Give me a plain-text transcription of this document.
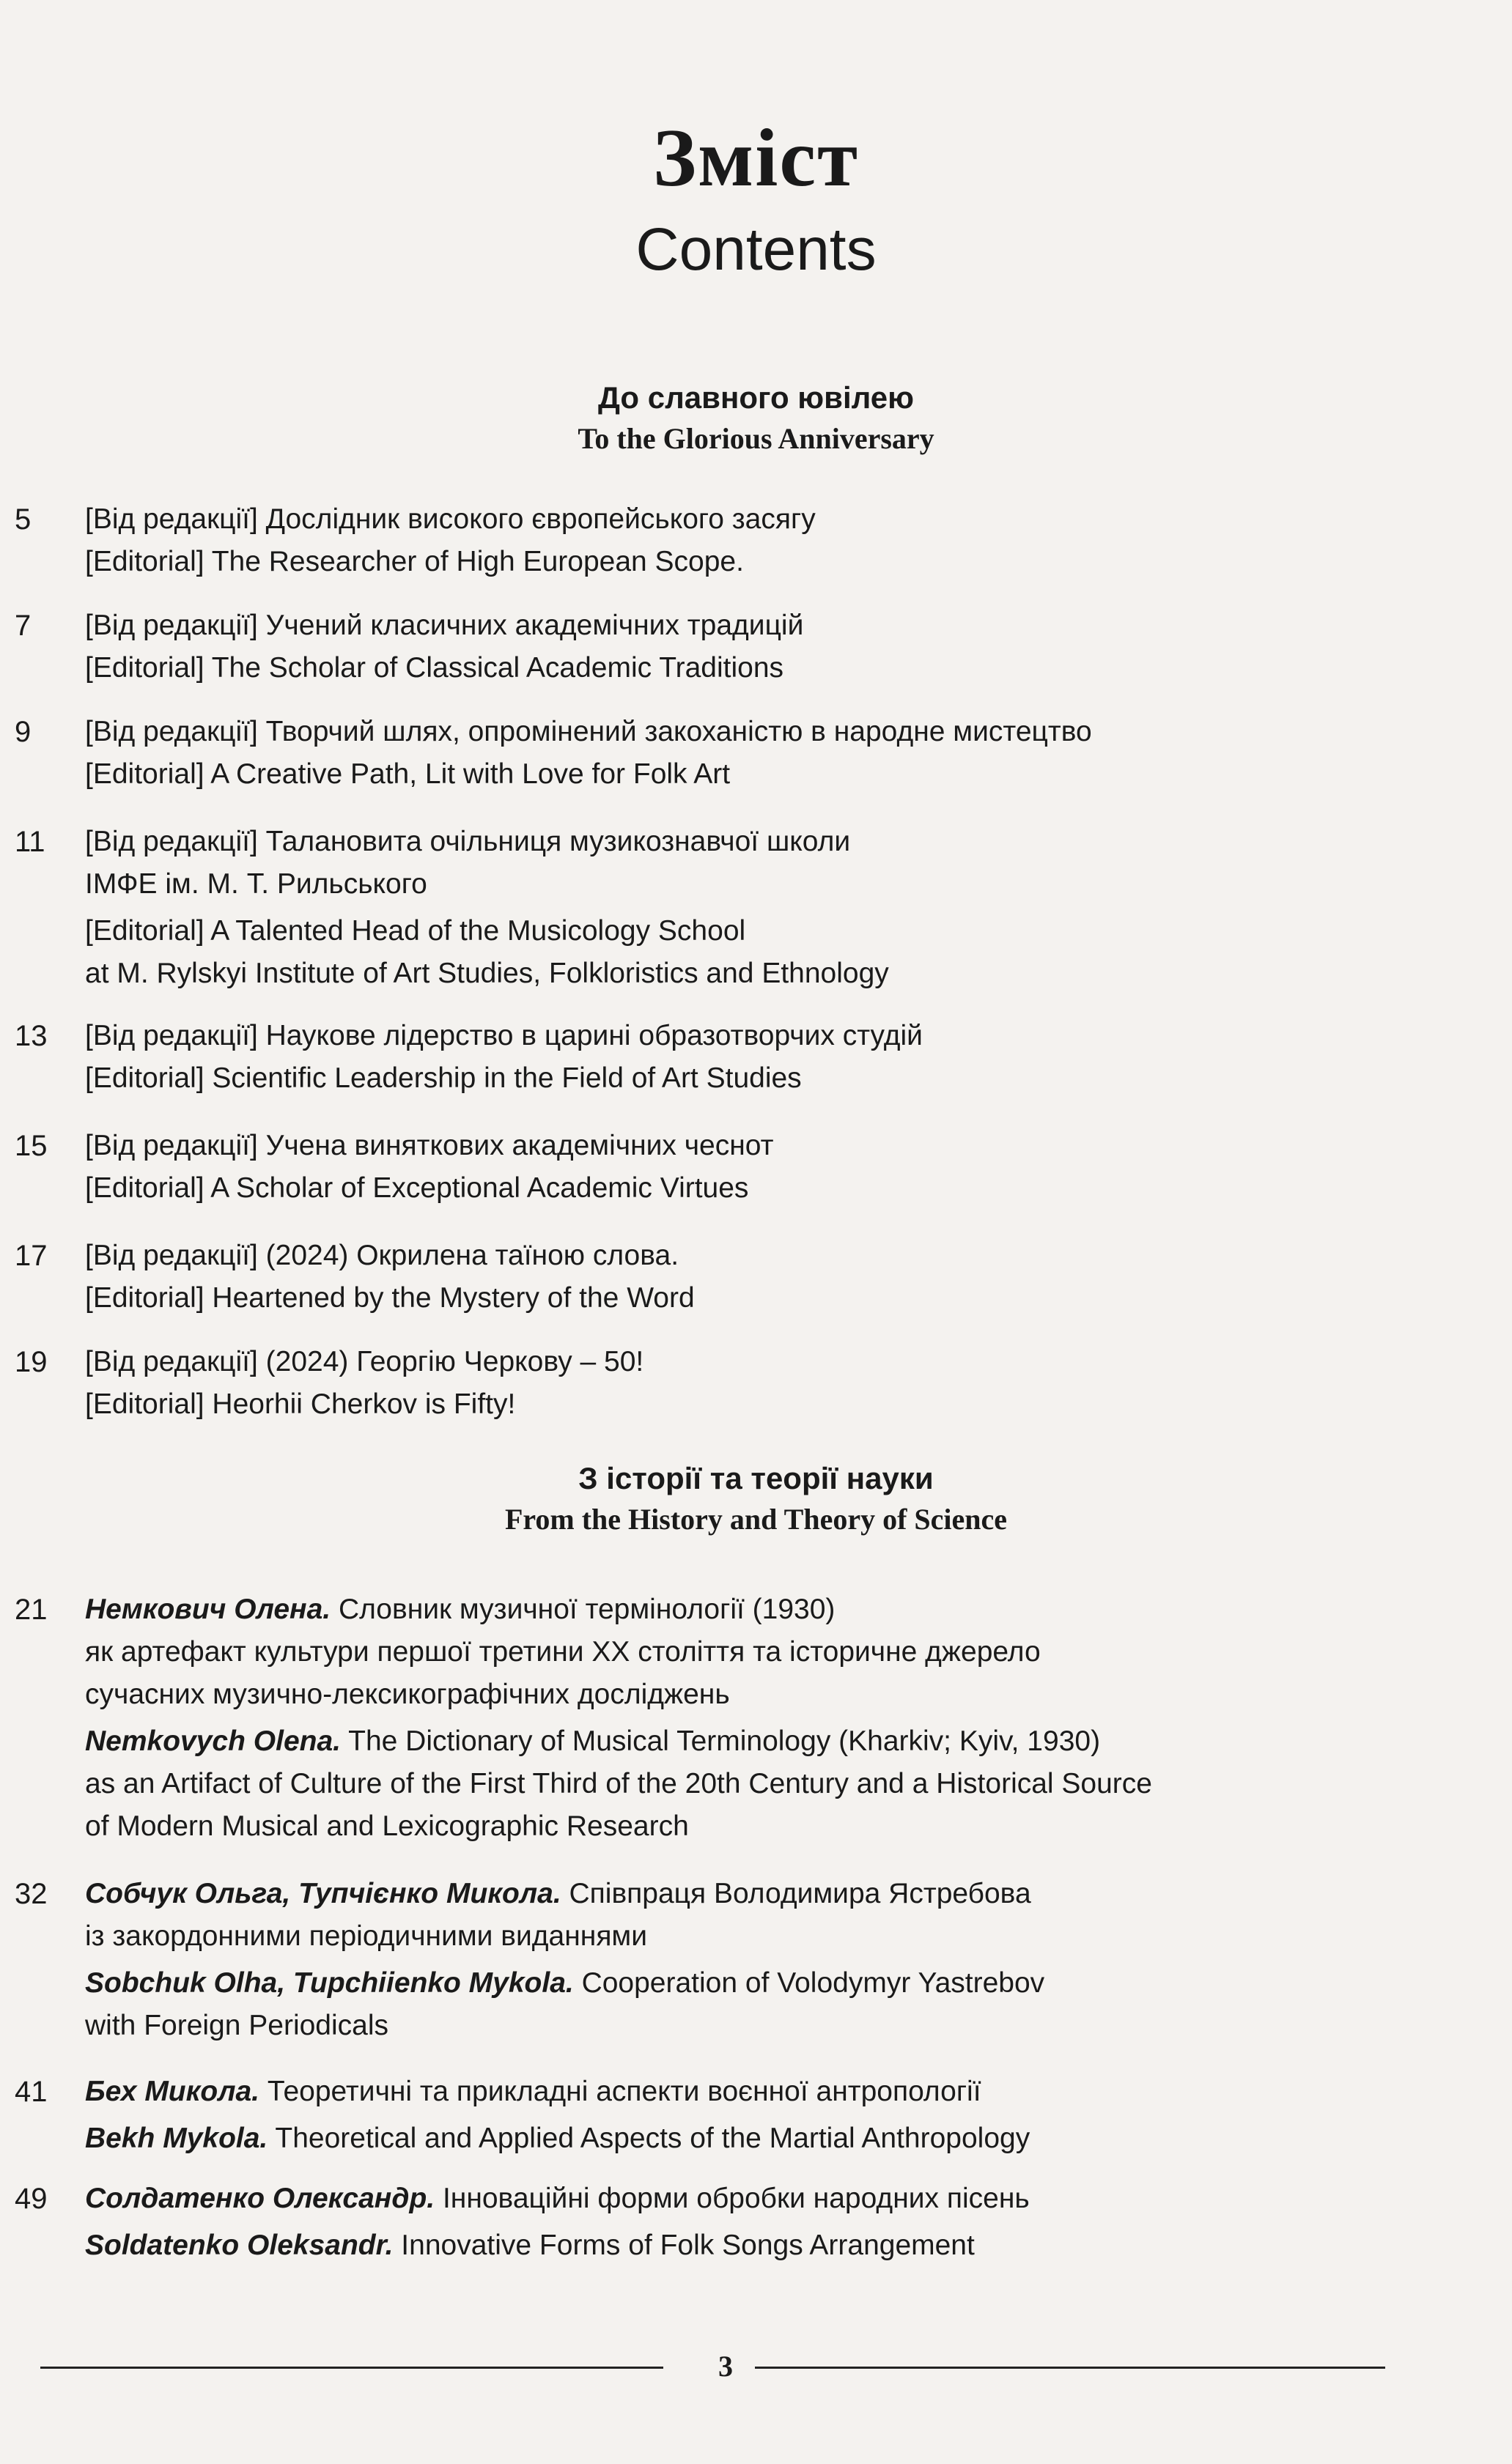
Зміст
Contents
До славного ювілею
To the Glorious Anniversary
5	[Від редакції] Дослідник високого європейського засягу
[Editorial] The Researcher of High European Scope.
7	[Від редакції] Учений класичних академічних традицій
[Editorial] The Scholar of Classical Academic Traditions
9	[Від редакції] Творчий шлях, опромінений закоханістю в народне мистецтво
[Editorial] A Creative Path, Lit with Love for Folk Art
11	[Від редакції] Талановита очільниця музикознавчої школи
ІМФЕ ім. М. Т. Рильського
[Editorial] A Talented Head of the Musicology School
at M. Rylskyi Institute of Art Studies, Folkloristics and Ethnology
13	[Від редакції] Наукове лідерство в царині образотворчих студій
[Editorial] Scientific Leadership in the Field of Art Studies
15	[Від редакції] Учена винятковиx академічних чеснот
[Editorial] A Scholar of Exceptional Academic Virtues
17	[Від редакції] (2024) Окрилена таїною слова.
[Editorial] Heartened by the Mystery of the Word
19	[Від редакції] (2024) Георгію Черкову – 50!
[Editorial] Heorhii Cherkov is Fifty!
З історії та теорії науки
From the History and Theory of Science
21	Немкович Олена. Словник музичної термінології (1930)
як артефакт культури першої третини ХХ століття та історичне джерело
сучасних музично-лексикографічних досліджень
Nemkovych Olena. The Dictionary of Musical Terminology (Kharkiv; Kyiv, 1930)
as an Artifact of Culture of the First Third of the 20th Century and a Historical Source
of Modern Musical and Lexicographic Research
32	Собчук Ольга, Тупчієнко Микола. Співпраця Володимира Ястребова
із закордонними періодичними виданнями
Sobchuk Olha, Tupchiienko Mykola. Cooperation of Volodymyr Yastrebov
with Foreign Periodicals
41	Бех Микола. Теоретичні та прикладні аспекти воєнної антропології
Bekh Mykola. Theoretical and Applied Aspects of the Martial Anthropology
49	Солдатенко Олександр. Інноваційні форми обробки народних пісень
Soldatenko Oleksandr. Innovative Forms of Folk Songs Arrangement
3
